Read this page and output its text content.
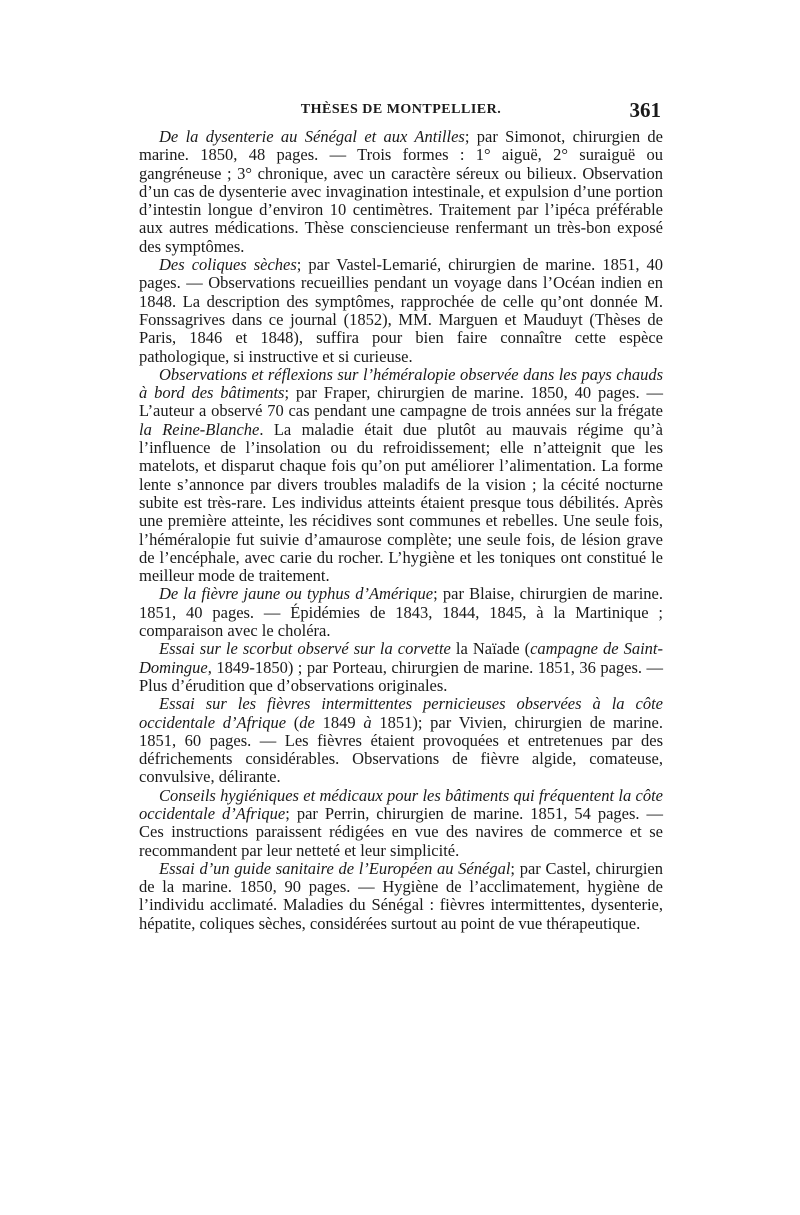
THÈSES DE MONTPELLIER.	361

De la dysenterie au Sénégal et aux Antilles; par Simonot, chirurgien de marine. 1850, 48 pages. — Trois formes : 1° aiguë, 2° suraiguë ou gangréneuse ; 3° chronique, avec un caractère séreux ou bilieux. Observation d’un cas de dysenterie avec invagination intestinale, et expulsion d’une portion d’intestin longue d’environ 10 centimètres. Traitement par l’ipéca préférable aux autres médications. Thèse consciencieuse renfermant un très-bon exposé des symptômes.

Des coliques sèches; par Vastel-Lemarié, chirurgien de marine. 1851, 40 pages. — Observations recueillies pendant un voyage dans l’Océan indien en 1848. La description des symptômes, rapprochée de celle qu’ont donnée M. Fonssagrives dans ce journal (1852), MM. Marguen et Mauduyt (Thèses de Paris, 1846 et 1848), suffira pour bien faire connaître cette espèce pathologique, si instructive et si curieuse.

Observations et réflexions sur l’héméralopie observée dans les pays chauds à bord des bâtiments; par Fraper, chirurgien de marine. 1850, 40 pages. — L’auteur a observé 70 cas pendant une campagne de trois années sur la frégate la Reine-Blanche. La maladie était due plutôt au mauvais régime qu’à l’influence de l’insolation ou du refroidissement; elle n’atteignit que les matelots, et disparut chaque fois qu’on put améliorer l’alimentation. La forme lente s’annonce par divers troubles maladifs de la vision ; la cécité nocturne subite est très-rare. Les individus atteints étaient presque tous débilités. Après une première atteinte, les récidives sont communes et rebelles. Une seule fois, l’héméralopie fut suivie d’amaurose complète; une seule fois, de lésion grave de l’encéphale, avec carie du rocher. L’hygiène et les toniques ont constitué le meilleur mode de traitement.

De la fièvre jaune ou typhus d’Amérique; par Blaise, chirurgien de marine. 1851, 40 pages. — Épidémies de 1843, 1844, 1845, à la Martinique ; comparaison avec le choléra.

Essai sur le scorbut observé sur la corvette la Naïade (campagne de Saint-Domingue, 1849-1850) ; par Porteau, chirurgien de marine. 1851, 36 pages. — Plus d’érudition que d’observations originales.

Essai sur les fièvres intermittentes pernicieuses observées à la côte occidentale d’Afrique (de 1849 à 1851); par Vivien, chirurgien de marine. 1851, 60 pages. — Les fièvres étaient provoquées et entretenues par des défrichements considérables. Observations de fièvre algide, comateuse, convulsive, délirante.

Conseils hygiéniques et médicaux pour les bâtiments qui fréquentent la côte occidentale d’Afrique; par Perrin, chirurgien de marine. 1851, 54 pages. — Ces instructions paraissent rédigées en vue des navires de commerce et se recommandent par leur netteté et leur simplicité.

Essai d’un guide sanitaire de l’Européen au Sénégal; par Castel, chirurgien de la marine. 1850, 90 pages. — Hygiène de l’acclimatement, hygiène de l’individu acclimaté. Maladies du Sénégal : fièvres intermittentes, dysenterie, hépatite, coliques sèches, considérées surtout au point de vue thérapeutique.
